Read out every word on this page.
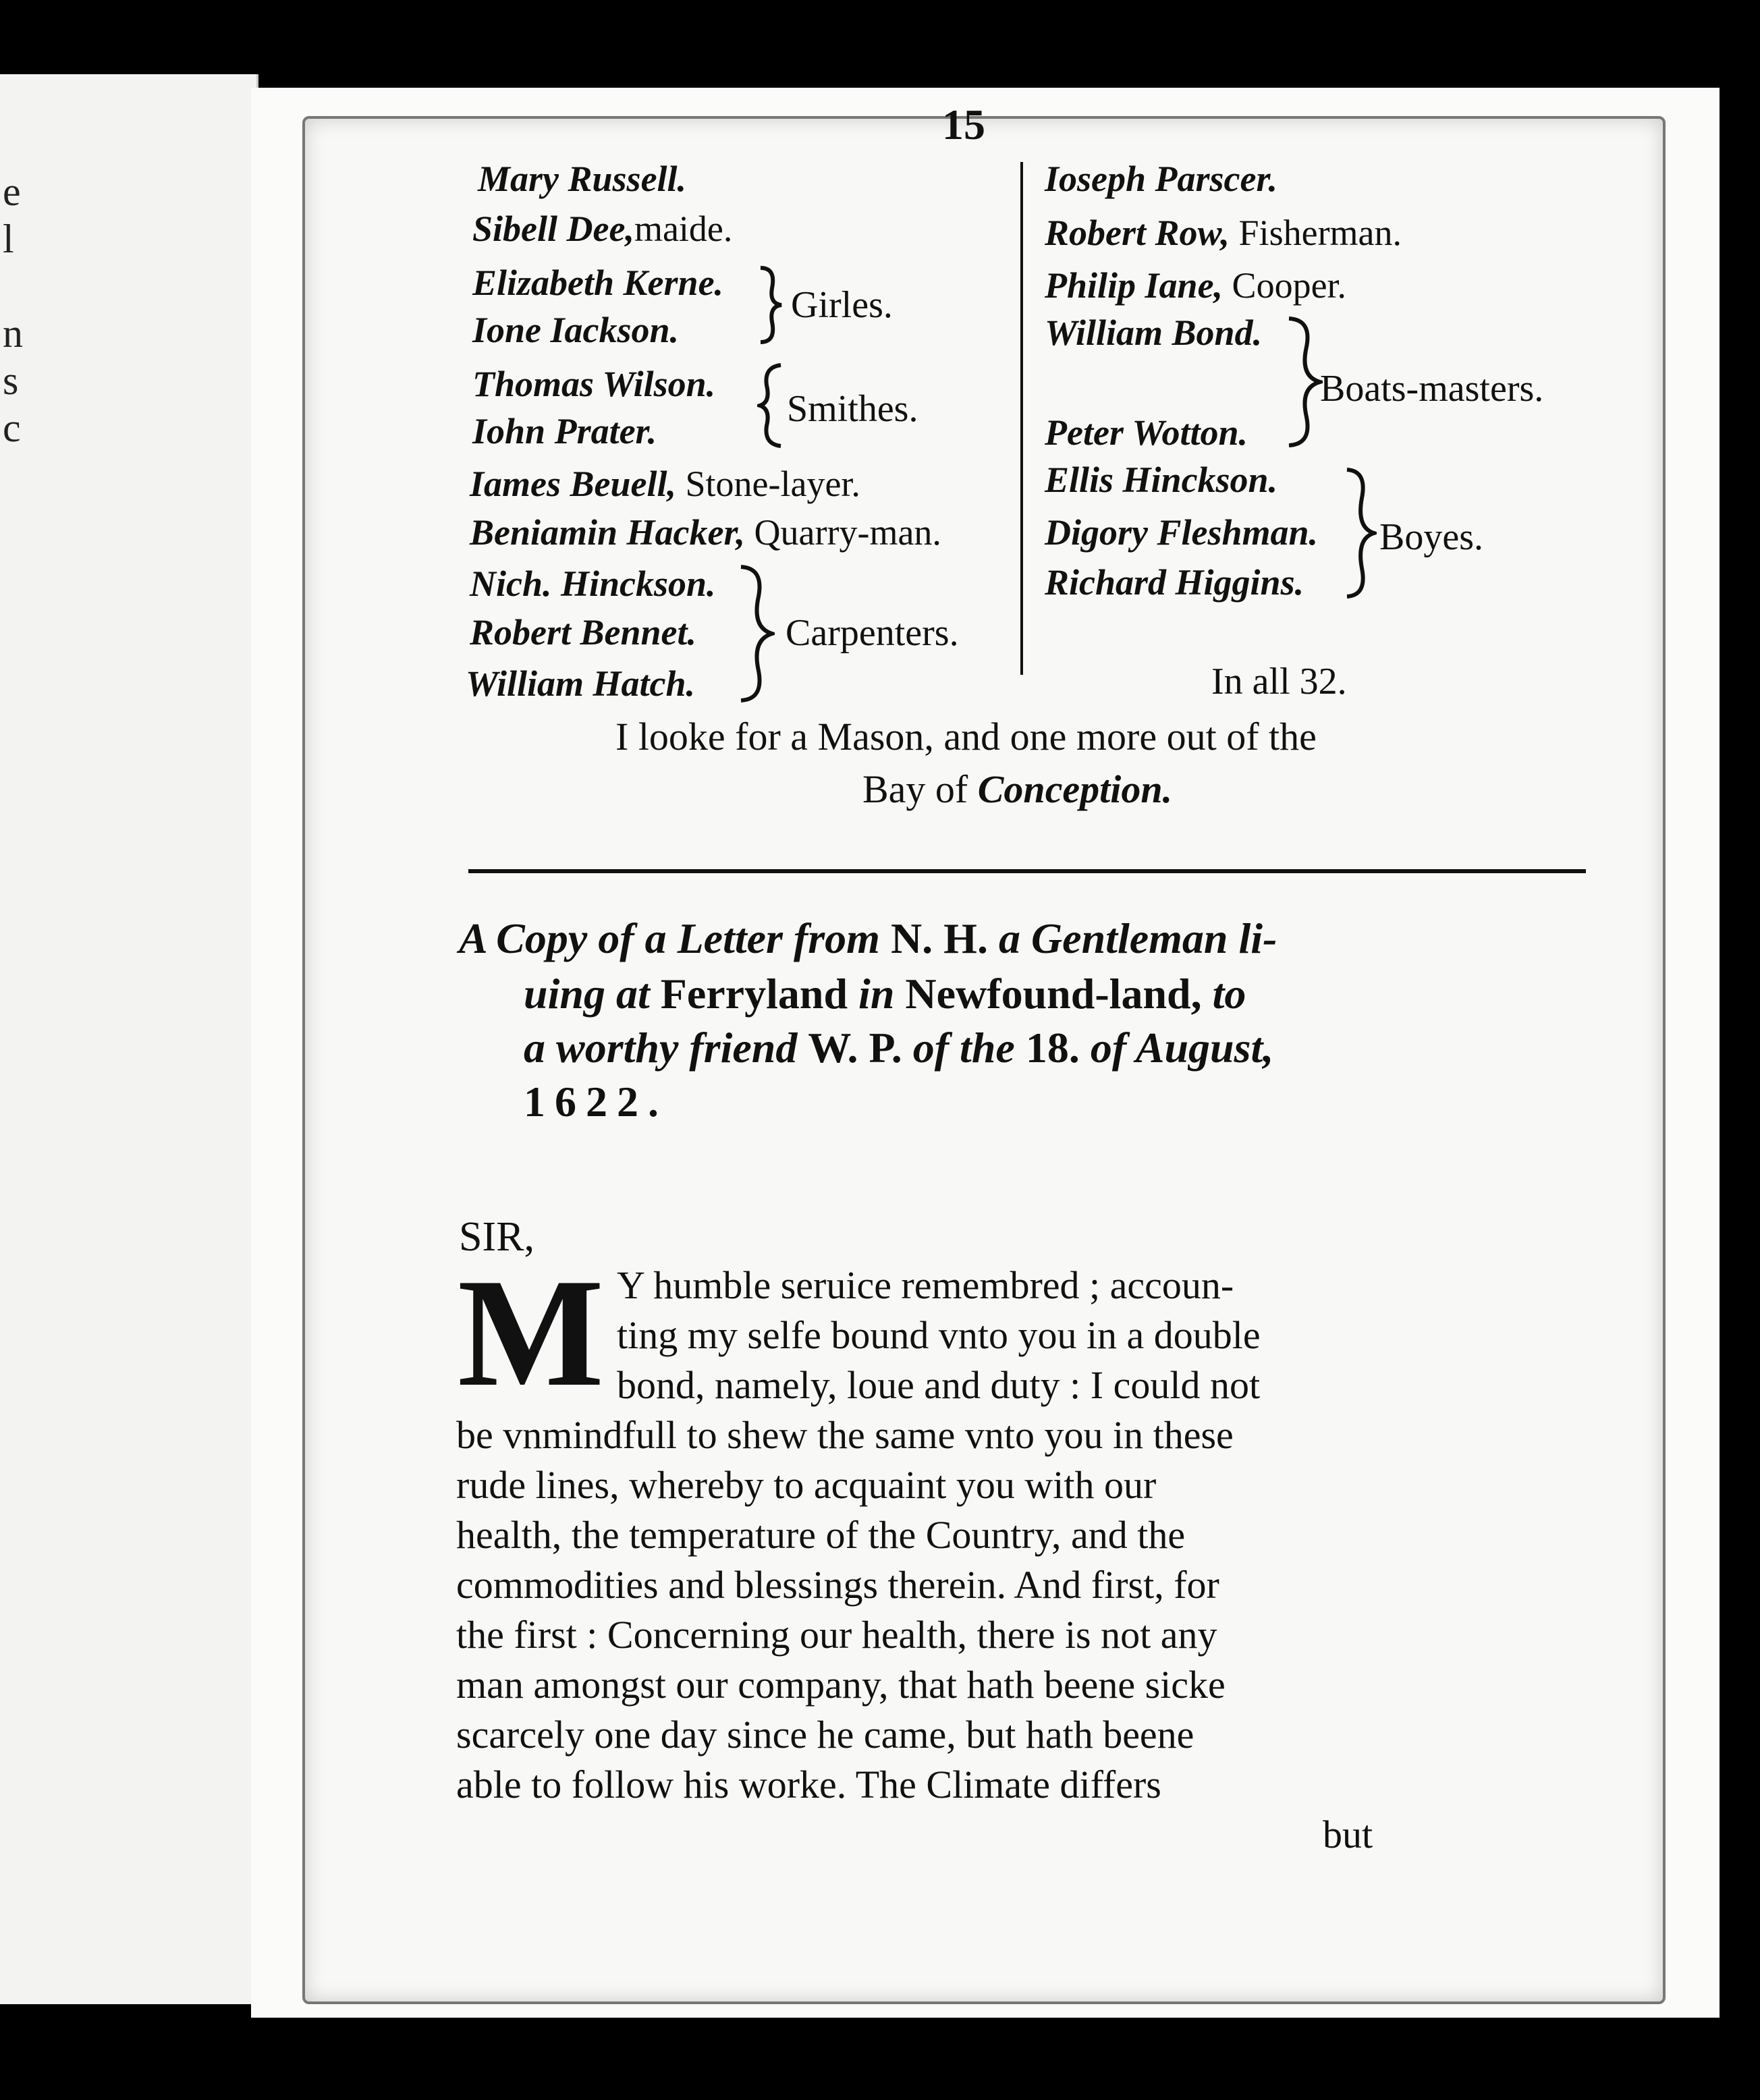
e
l
n
s
c
15
Mary Russell.
Sibell Dee,maide.
Elizabeth Kerne.
Ione Iackson.
Thomas Wilson.
Iohn Prater.
Iames Beuell, Stone-layer.
Beniamin Hacker, Quarry-man.
Nich. Hinckson.
Robert Bennet.
William Hatch.
Girles.
Smithes.
Carpenters.
Ioseph Parscer.
Robert Row, Fisherman.
Philip Iane, Cooper.
William Bond.
Peter Wotton.
Ellis Hinckson.
Digory Fleshman.
Richard Higgins.
Boats-masters.
Boyes.
In all 32.
I looke for a Mason, and one more out of the
Bay of Conception.
A Copy of a Letter from N. H. a Gentleman li-
uing at Ferryland in Newfound-land, to
a worthy friend W. P. of the 18. of August,
1622.
SIR,
M Y humble seruice remembred ; accoun-
ting my selfe bound vnto you in a double
bond, namely, loue and duty : I could not
be vnmindfull to shew the same vnto you in these
rude lines, whereby to acquaint you with our
health, the temperature of the Country, and the
commodities and blessings therein. And first, for
the first : Concerning our health, there is not any
man amongst our company, that hath beene sicke
scarcely one day since he came, but hath beene
able to follow his worke. The Climate differs
but
